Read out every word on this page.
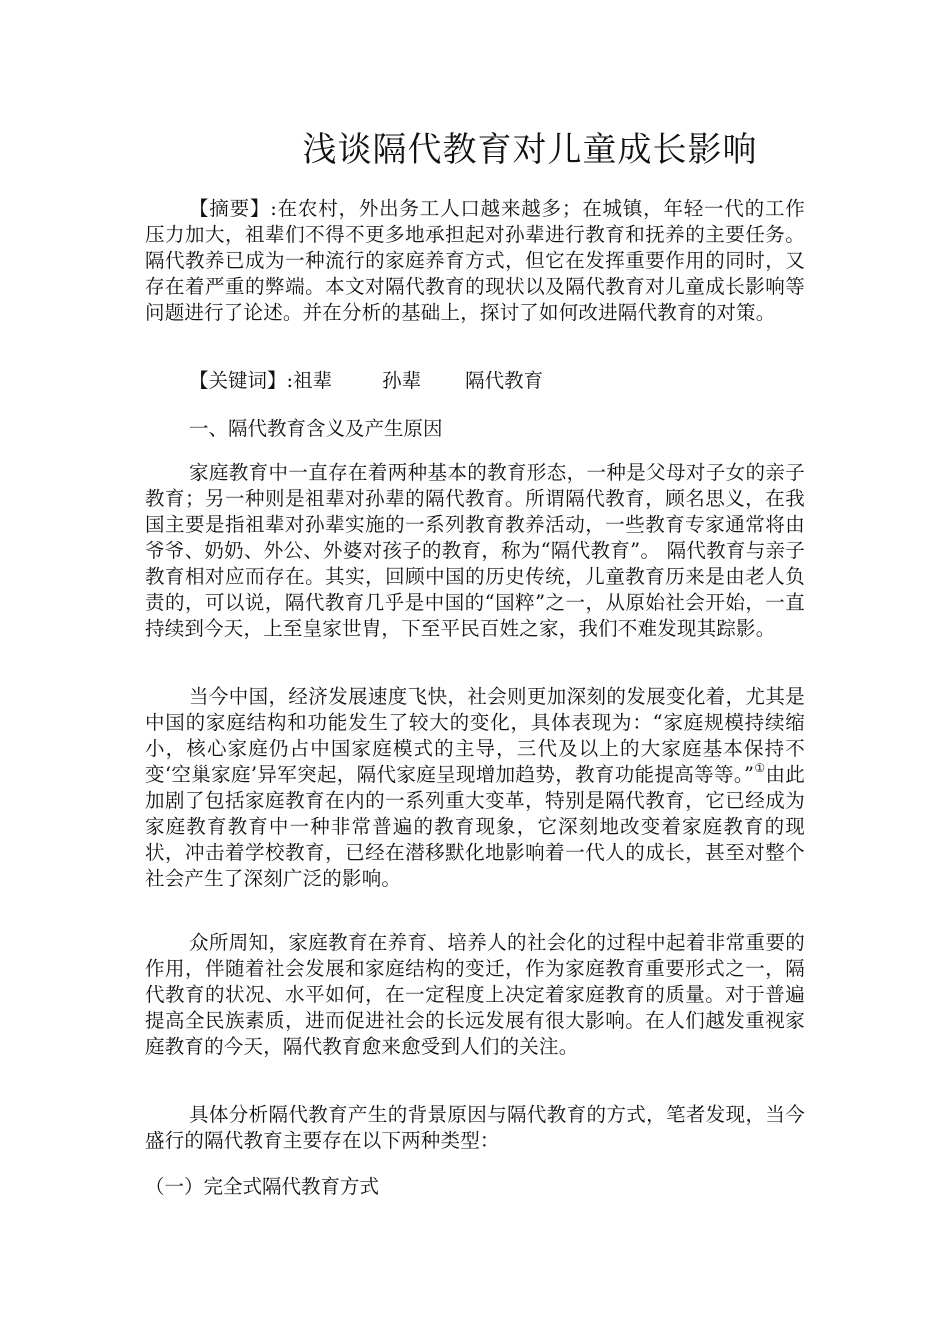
浅谈隔代教育对儿童成长影响

【摘要】:在农村，外出务工人口越来越多；在城镇，年轻一代的工作压力加大，祖辈们不得不更多地承担起对孙辈进行教育和抚养的主要任务。隔代教养已成为一种流行的家庭养育方式，但它在发挥重要作用的同时，又存在着严重的弊端。本文对隔代教育的现状以及隔代教育对儿童成长影响等问题进行了论述。并在分析的基础上，探讨了如何改进隔代教育的对策。

【关键词】:祖辈	孙辈 隔代教育

一、隔代教育含义及产生原因

家庭教育中一直存在着两种基本的教育形态，一种是父母对子女的亲子教育；另一种则是祖辈对孙辈的隔代教育。所谓隔代教育，顾名思义，在我国主要是指祖辈对孙辈实施的一系列教育教养活动，一些教育专家通常将由爷爷、奶奶、外公、外婆对孩子的教育，称为“隔代教育”。 隔代教育与亲子教育相对应而存在。其实，回顾中国的历史传统，儿童教育历来是由老人负责的，可以说，隔代教育几乎是中国的“国粹”之一，从原始社会开始，一直持续到今天，上至皇家世胄，下至平民百姓之家，我们不难发现其踪影。

当今中国，经济发展速度飞快，社会则更加深刻的发展变化着，尤其是中国的家庭结构和功能发生了较大的变化，具体表现为：“家庭规模持续缩小，核心家庭仍占中国家庭模式的主导，三代及以上的大家庭基本保持不变‘空巢家庭’异军突起，隔代家庭呈现增加趋势，教育功能提高等等。”①由此加剧了包括家庭教育在内的一系列重大变革，特别是隔代教育，它已经成为家庭教育教育中一种非常普遍的教育现象，它深刻地改变着家庭教育的现状，冲击着学校教育，已经在潜移默化地影响着一代人的成长，甚至对整个社会产生了深刻广泛的影响。

众所周知，家庭教育在养育、培养人的社会化的过程中起着非常重要的作用，伴随着社会发展和家庭结构的变迁，作为家庭教育重要形式之一，隔代教育的状况、水平如何，在一定程度上决定着家庭教育的质量。对于普遍提高全民族素质，进而促进社会的长远发展有很大影响。在人们越发重视家庭教育的今天，隔代教育愈来愈受到人们的关注。

具体分析隔代教育产生的背景原因与隔代教育的方式，笔者发现，当今盛行的隔代教育主要存在以下两种类型：

（一）完全式隔代教育方式
